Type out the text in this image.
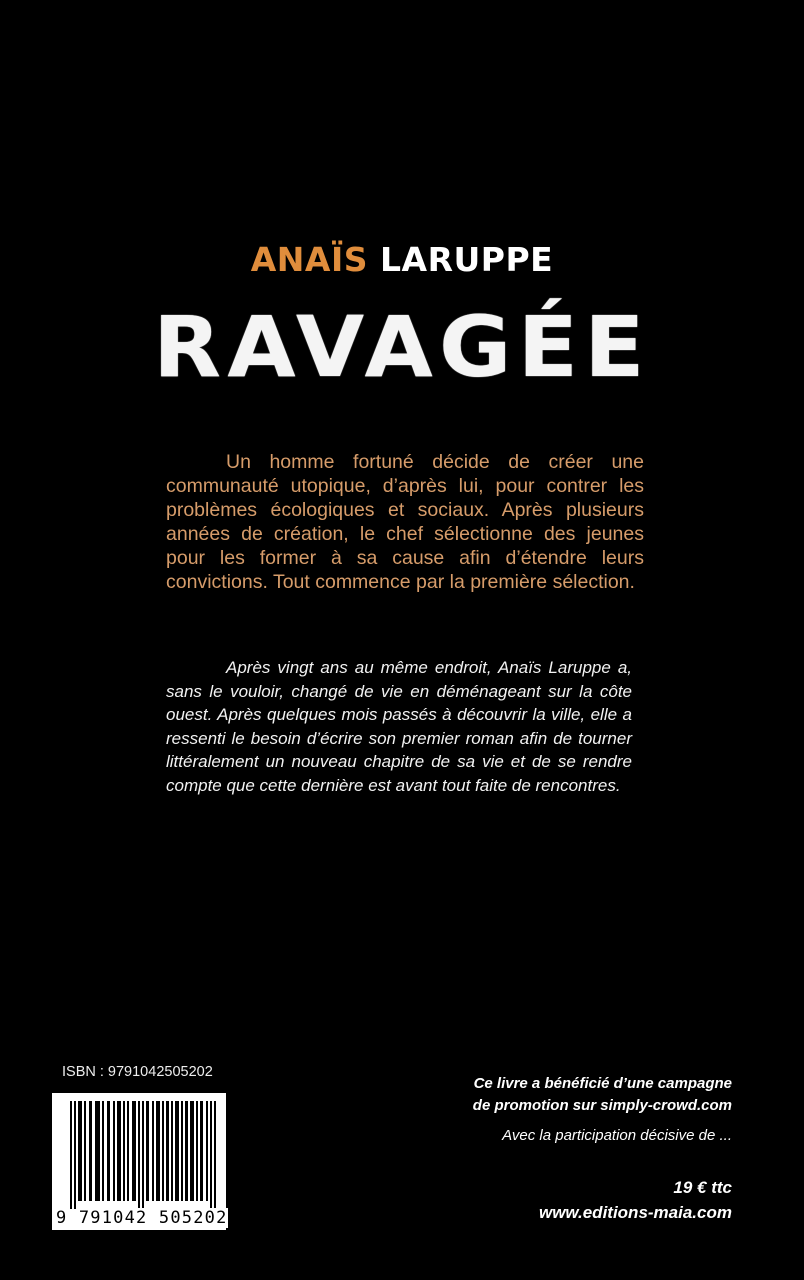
ANAÏS LARUPPE
RAVAGÉE

Un homme fortuné décide de créer une communauté utopique, d’après lui, pour contrer les problèmes écologiques et sociaux. Après plusieurs années de création, le chef sélectionne des jeunes pour les former à sa cause afin d’étendre leurs convictions. Tout commence par la première sélection.

Après vingt ans au même endroit, Anaïs Laruppe a, sans le vouloir, changé de vie en déménageant sur la côte ouest. Après quelques mois passés à découvrir la ville, elle a ressenti le besoin d’écrire son premier roman afin de tourner littéralement un nouveau chapitre de sa vie et de se rendre compte que cette dernière est avant tout faite de rencontres.

ISBN : 9791042505202
9 791042 505202
Ce livre a bénéficié d’une campagne
de promotion sur simply-crowd.com
Avec la participation décisive de ...
19 € ttc
www.editions-maia.com
